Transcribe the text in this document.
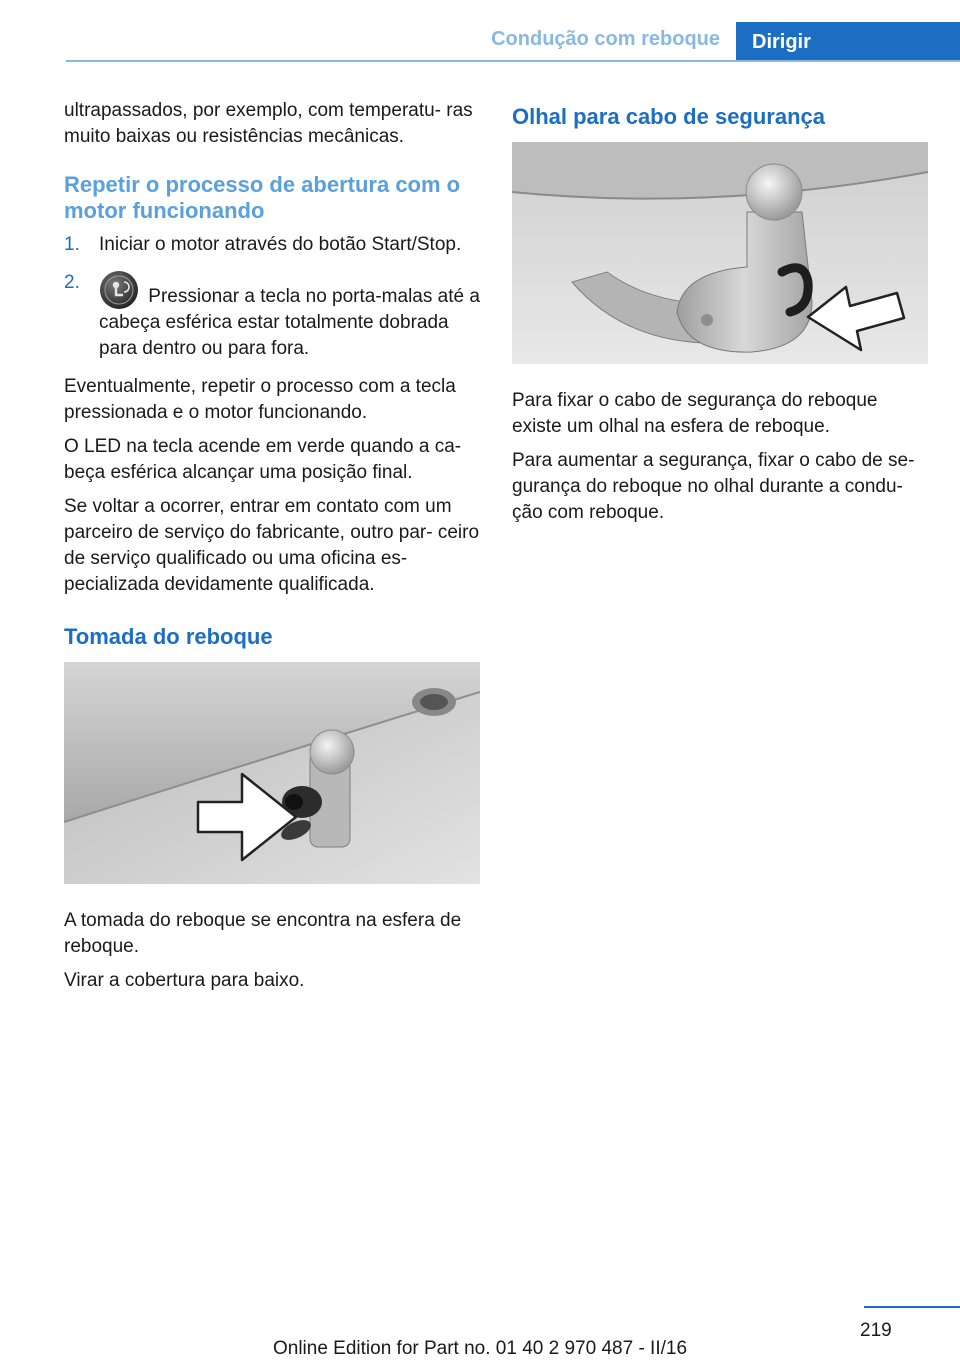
Condução com reboque	Dirigir

ultrapassados, por exemplo, com temperatu‐ ras muito baixas ou resistências mecânicas.

Repetir o processo de abertura com o motor funcionando
1. Iniciar o motor através do botão Start/Stop.
2.
Pressionar a tecla no porta-malas até a cabeça esférica estar totalmente dobrada para dentro ou para fora.

Eventualmente, repetir o processo com a tecla pressionada e o motor funcionando.

O LED na tecla acende em verde quando a ca‐ beça esférica alcançar uma posição final.

Se voltar a ocorrer, entrar em contato com um parceiro de serviço do fabricante, outro par‐ ceiro de serviço qualificado ou uma oficina es‐ pecializada devidamente qualificada.

Tomada do reboque

A tomada do reboque se encontra na esfera de reboque.

Virar a cobertura para baixo.

Olhal para cabo de segurança

Para fixar o cabo de segurança do reboque existe um olhal na esfera de reboque.

Para aumentar a segurança, fixar o cabo de se‐ gurança do reboque no olhal durante a condu‐ ção com reboque.

219
Online Edition for Part no. 01 40 2 970 487 - II/16
